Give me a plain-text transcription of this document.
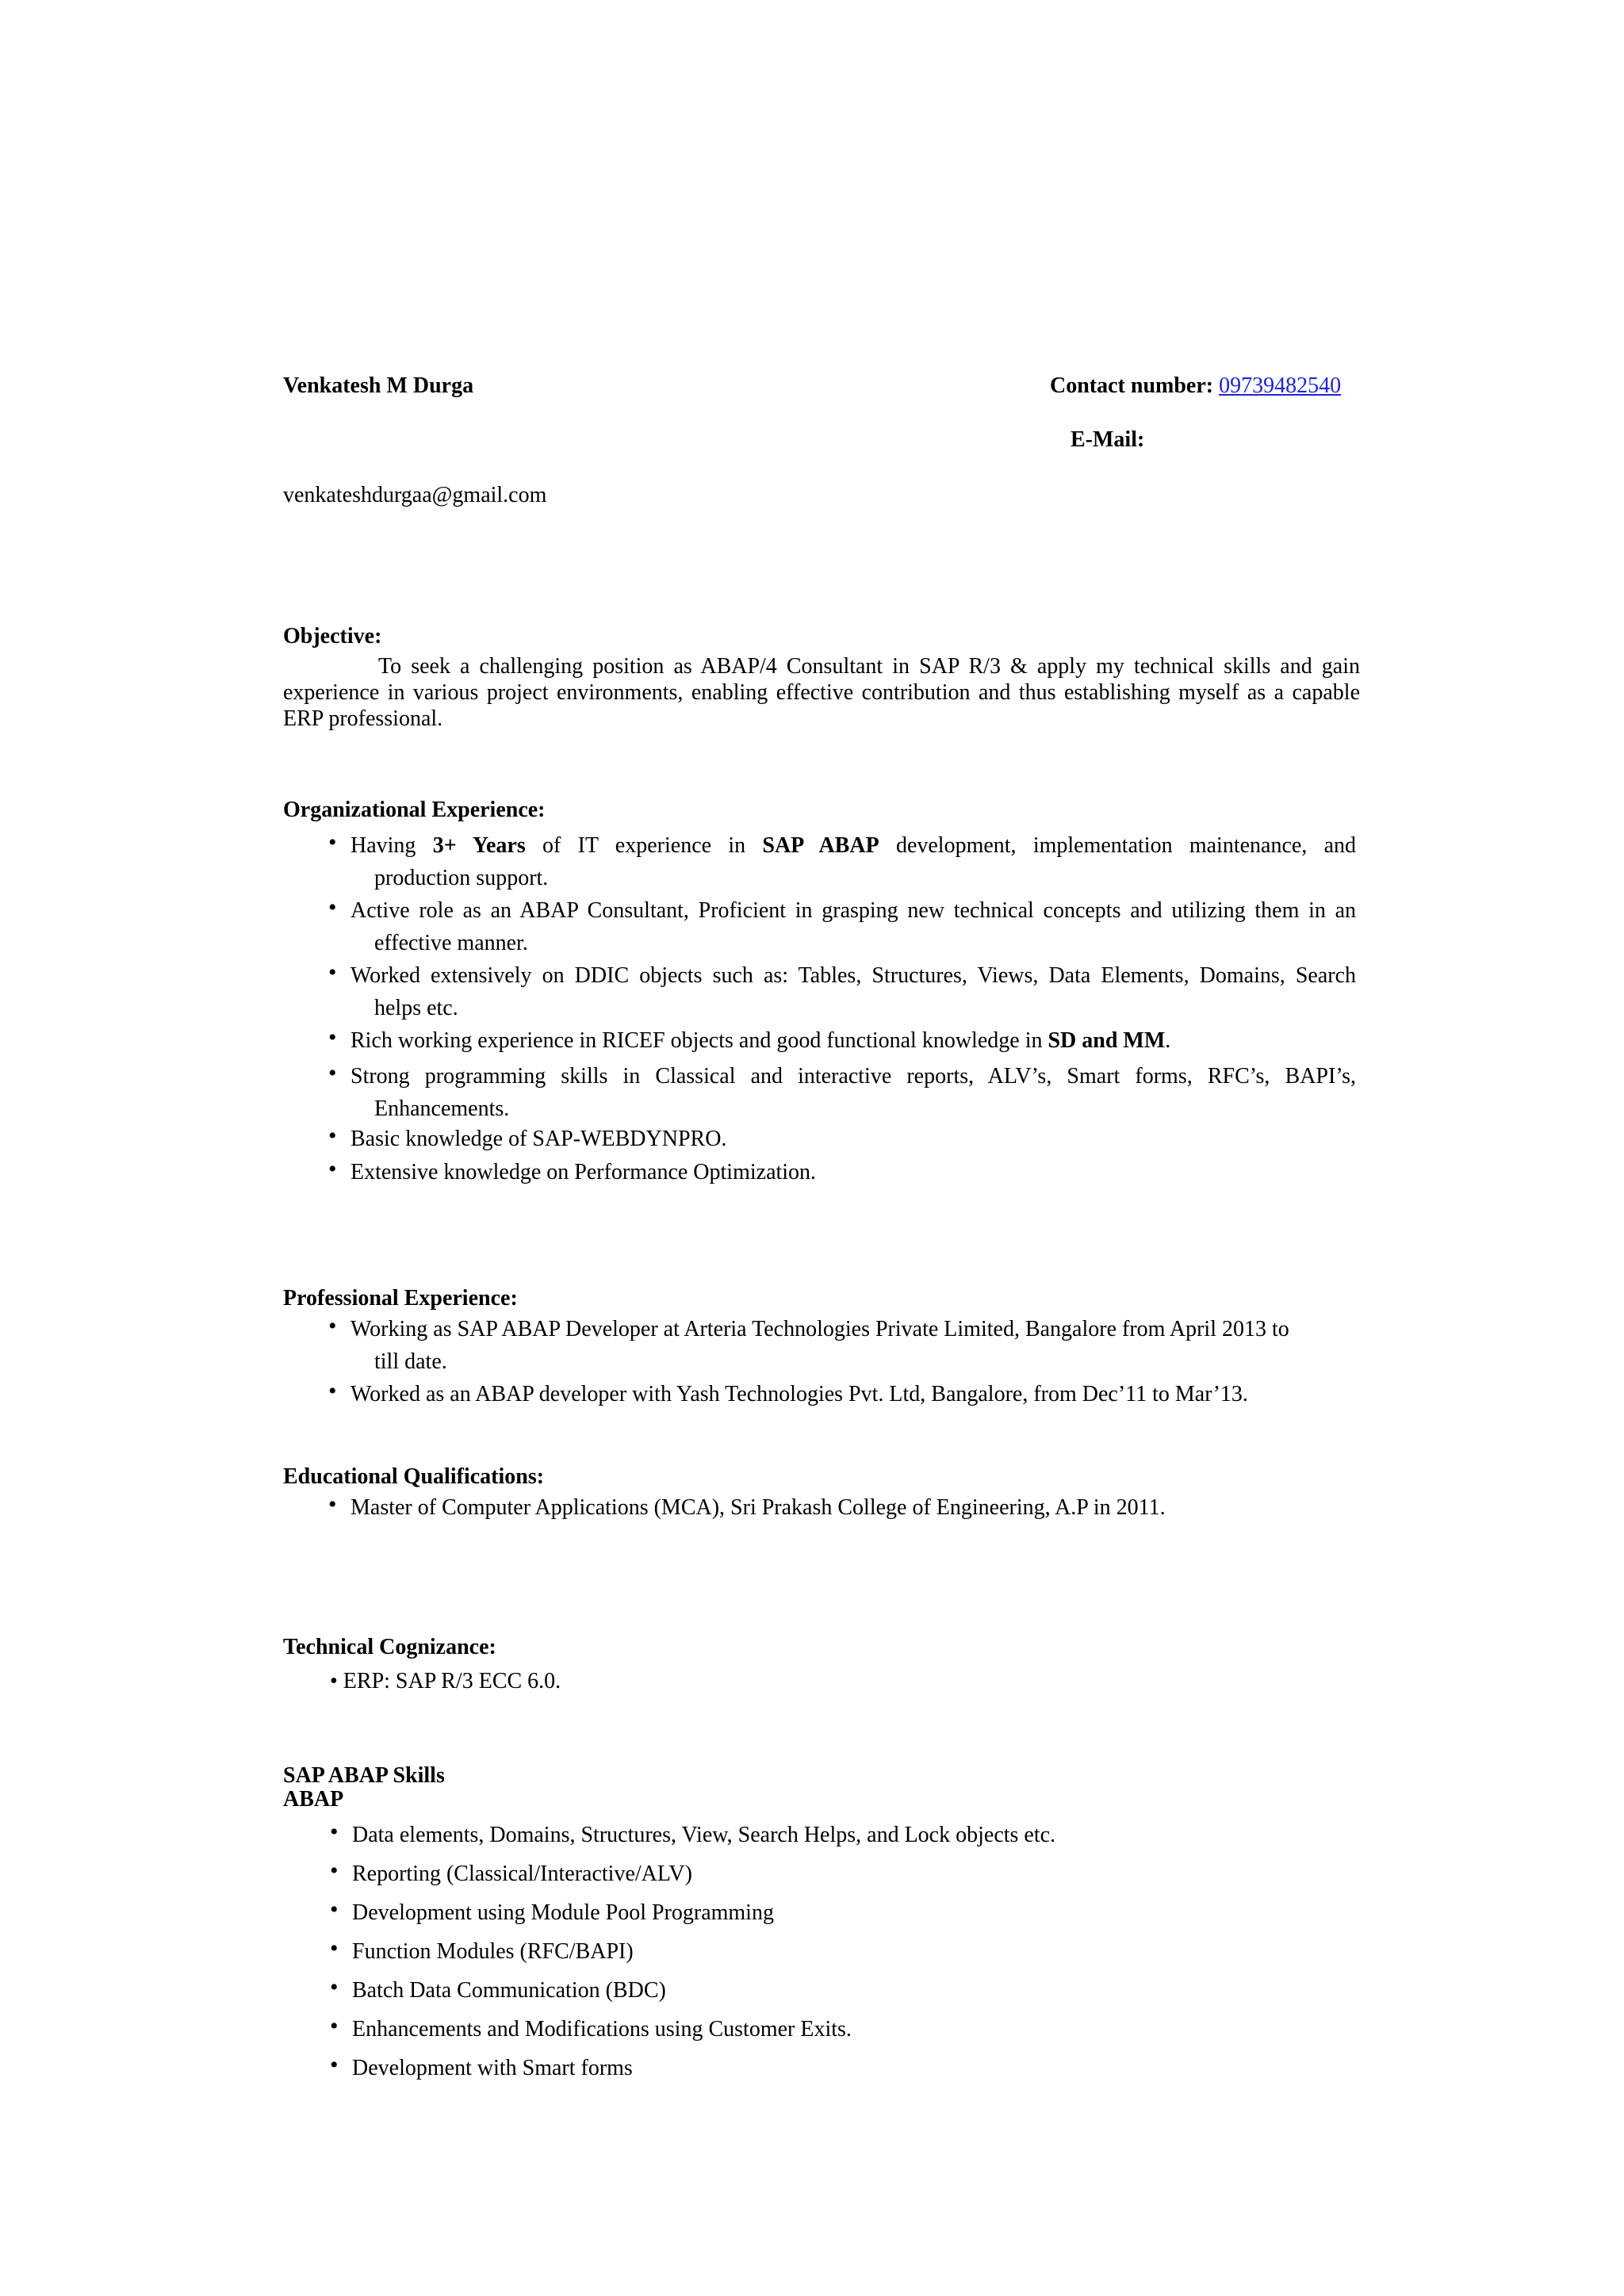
Venkatesh M Durga	Contact number: 09739482540
E-Mail:
venkateshdurgaa@gmail.com
Objective:
To seek a challenging position as ABAP/4 Consultant in SAP R/3 & apply my technical skills and gain experience in various project environments, enabling effective contribution and thus establishing myself as a capable ERP professional.
Organizational Experience:
• Having 3+ Years of IT experience in SAP ABAP development, implementation maintenance, and
production support.
• Active role as an ABAP Consultant, Proficient in grasping new technical concepts and utilizing them in an
effective manner.
• Worked extensively on DDIC objects such as: Tables, Structures, Views, Data Elements, Domains, Search
helps etc.
• Rich working experience in RICEF objects and good functional knowledge in SD and MM.
• Strong programming skills in Classical and interactive reports, ALV’s, Smart forms, RFC’s, BAPI’s,
Enhancements.
• Basic knowledge of SAP-WEBDYNPRO.
• Extensive knowledge on Performance Optimization.
Professional Experience:
• Working as SAP ABAP Developer at Arteria Technologies Private Limited, Bangalore from April 2013 to
till date.
• Worked as an ABAP developer with Yash Technologies Pvt. Ltd, Bangalore, from Dec’11 to Mar’13.
Educational Qualifications:
• Master of Computer Applications (MCA), Sri Prakash College of Engineering, A.P in 2011.
Technical Cognizance:
• ERP: SAP R/3 ECC 6.0.
SAP ABAP Skills
ABAP
• Data elements, Domains, Structures, View, Search Helps, and Lock objects etc.
• Reporting (Classical/Interactive/ALV)
• Development using Module Pool Programming
• Function Modules (RFC/BAPI)
• Batch Data Communication (BDC)
• Enhancements and Modifications using Customer Exits.
• Development with Smart forms
